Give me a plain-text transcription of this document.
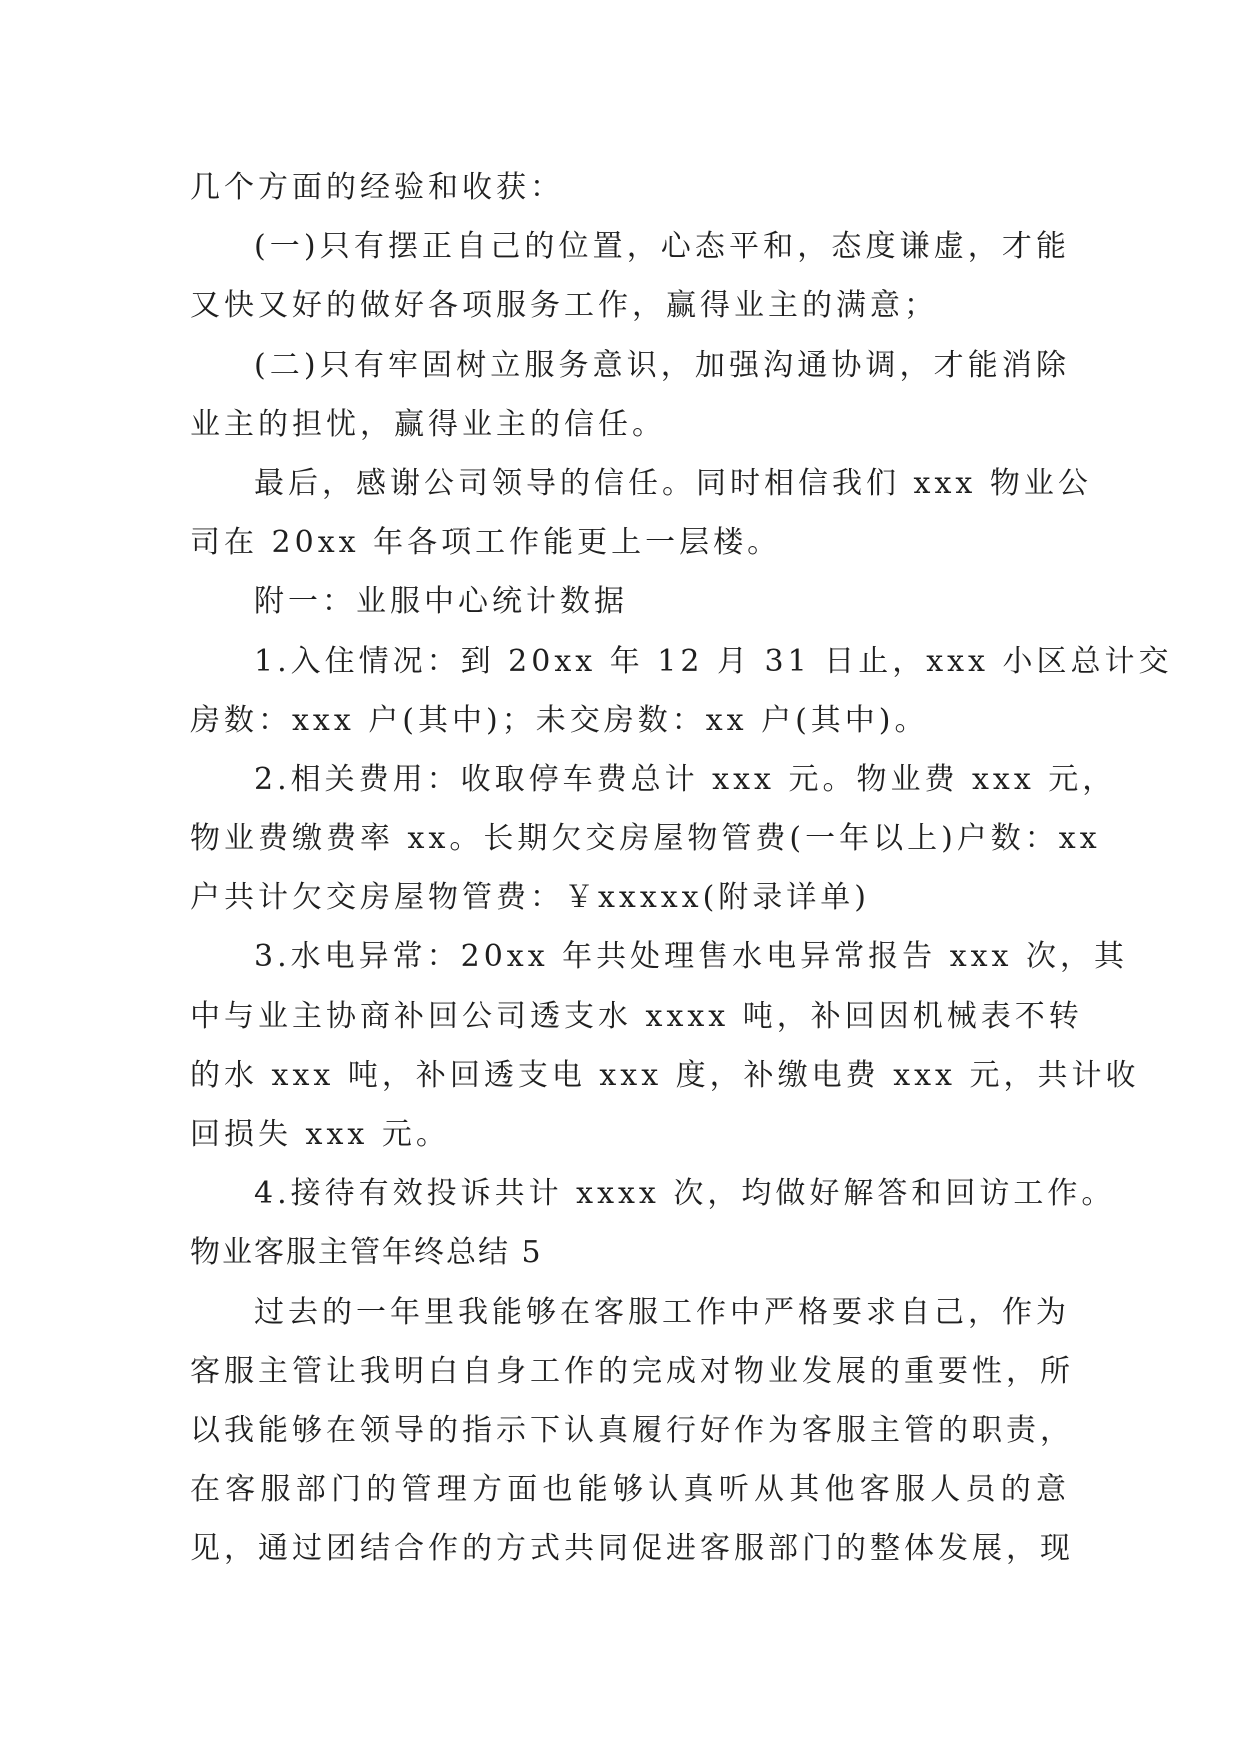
几个方面的经验和收获：
(一)只有摆正自己的位置，心态平和，态度谦虚，才能
又快又好的做好各项服务工作，赢得业主的满意；
(二)只有牢固树立服务意识，加强沟通协调，才能消除
业主的担忧，赢得业主的信任。
最后，感谢公司领导的信任。同时相信我们 xxx 物业公
司在 20xx 年各项工作能更上一层楼。
附一：业服中心统计数据
1.入住情况：到 20xx 年 12 月 31 日止，xxx 小区总计交
房数：xxx 户(其中)；未交房数：xx 户(其中)。
2.相关费用：收取停车费总计 xxx 元。物业费 xxx 元，
物业费缴费率 xx。长期欠交房屋物管费(一年以上)户数：xx
户共计欠交房屋物管费：￥xxxxx(附录详单)
3.水电异常：20xx 年共处理售水电异常报告 xxx 次，其
中与业主协商补回公司透支水 xxxx 吨，补回因机械表不转
的水 xxx 吨，补回透支电 xxx 度，补缴电费 xxx 元，共计收
回损失 xxx 元。
4.接待有效投诉共计 xxxx 次，均做好解答和回访工作。
物业客服主管年终总结 5
过去的一年里我能够在客服工作中严格要求自己，作为
客服主管让我明白自身工作的完成对物业发展的重要性，所
以我能够在领导的指示下认真履行好作为客服主管的职责，
在客服部门的管理方面也能够认真听从其他客服人员的意
见，通过团结合作的方式共同促进客服部门的整体发展，现
